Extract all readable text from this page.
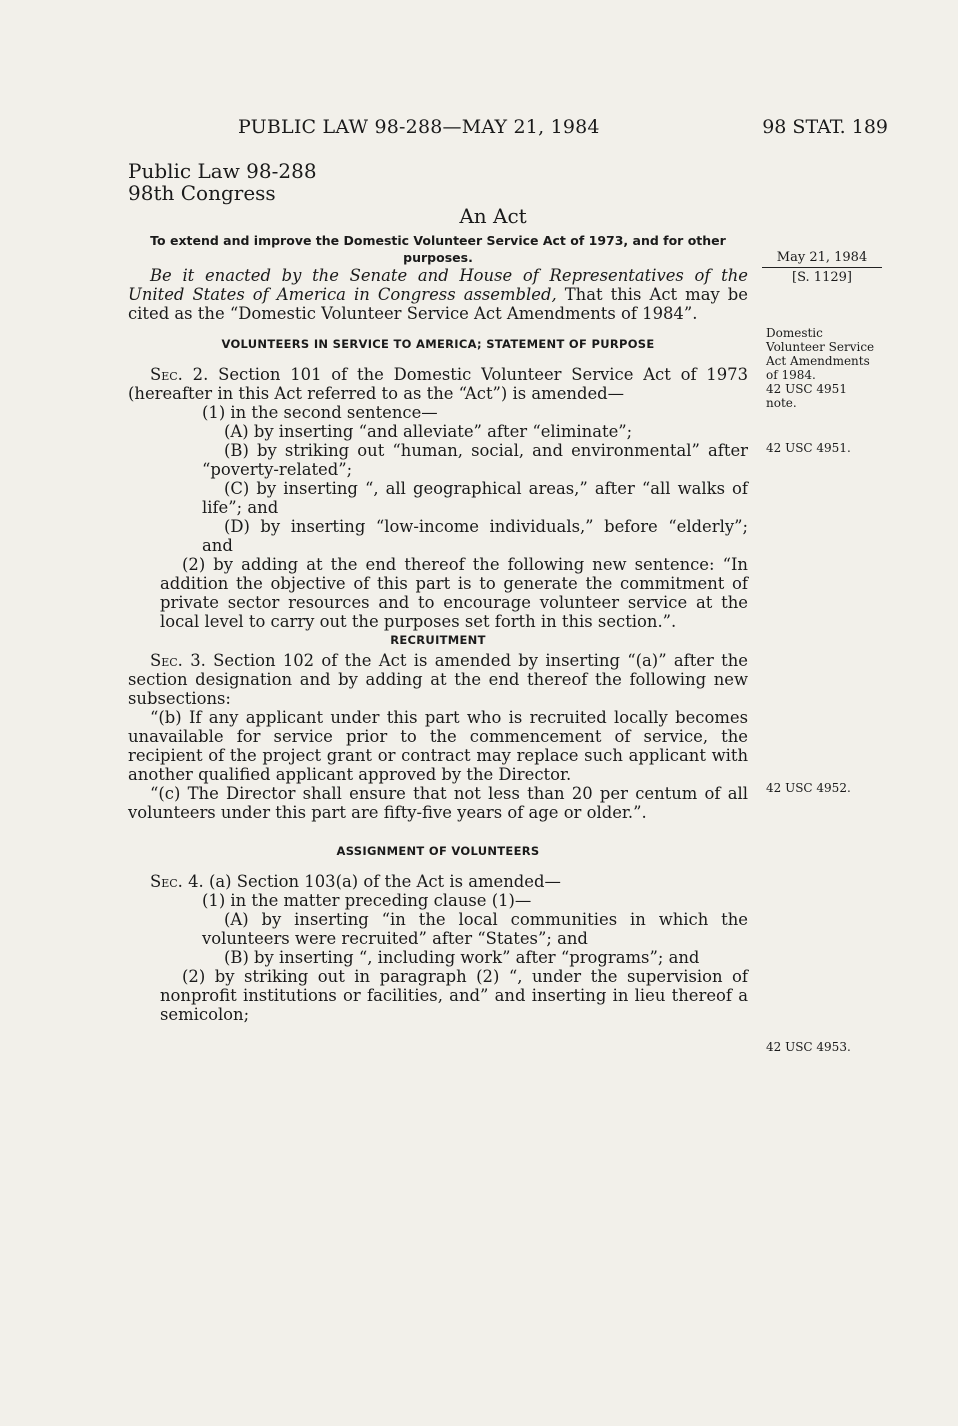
PUBLIC LAW 98-288—MAY 21, 1984	98 STAT. 189
May 21, 1984
[S. 1129]
Domestic Volunteer Service Act Amendments of 1984.
42 USC 4951 note.
42 USC 4951.
42 USC 4952.
42 USC 4953.

Public Law 98-288

98th Congress

An Act
To extend and improve the Domestic Volunteer Service Act of 1973, and for other purposes.

Be it enacted by the Senate and House of Representatives of the United States of America in Congress assembled, That this Act may be cited as the “Domestic Volunteer Service Act Amendments of 1984”.

VOLUNTEERS IN SERVICE TO AMERICA; STATEMENT OF PURPOSE

Sec. 2. Section 101 of the Domestic Volunteer Service Act of 1973 (hereafter in this Act referred to as the “Act”) is amended—

(1) in the second sentence—

(A) by inserting “and alleviate” after “eliminate”;

(B) by striking out “human, social, and environmental” after “poverty-related”;

(C) by inserting “, all geographical areas,” after “all walks of life”; and

(D) by inserting “low-income individuals,” before “elderly”; and

(2) by adding at the end thereof the following new sentence: “In addition the objective of this part is to generate the commitment of private sector resources and to encourage volunteer service at the local level to carry out the purposes set forth in this section.”.

RECRUITMENT

Sec. 3. Section 102 of the Act is amended by inserting “(a)” after the section designation and by adding at the end thereof the following new subsections:

“(b) If any applicant under this part who is recruited locally becomes unavailable for service prior to the commencement of service, the recipient of the project grant or contract may replace such applicant with another qualified applicant approved by the Director.

“(c) The Director shall ensure that not less than 20 per centum of all volunteers under this part are fifty-five years of age or older.”.

ASSIGNMENT OF VOLUNTEERS

Sec. 4. (a) Section 103(a) of the Act is amended—

(1) in the matter preceding clause (1)—

(A) by inserting “in the local communities in which the volunteers were recruited” after “States”; and

(B) by inserting “, including work” after “programs”; and

(2) by striking out in paragraph (2) “, under the supervision of nonprofit institutions or facilities, and” and inserting in lieu thereof a semicolon;
